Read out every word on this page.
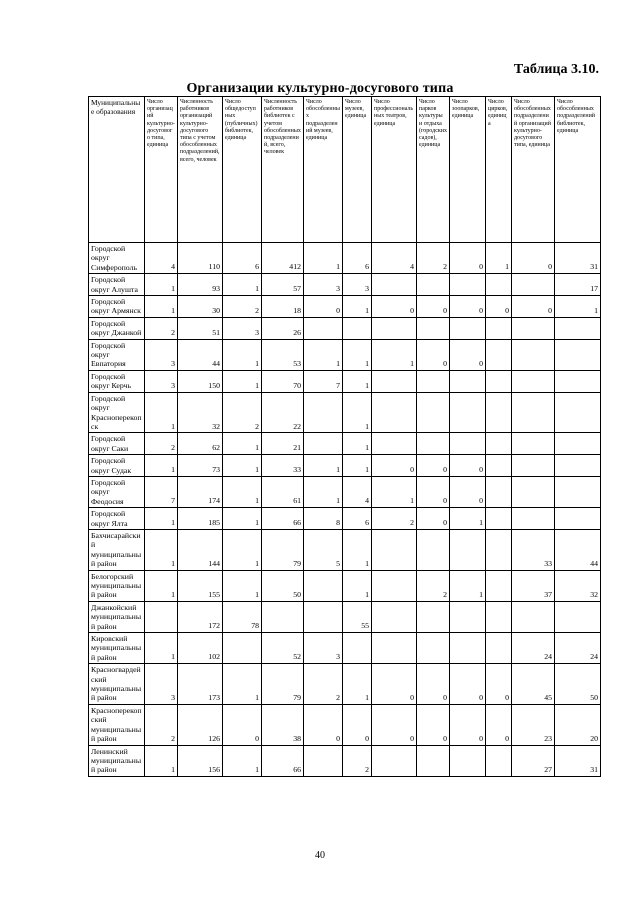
Таблица 3.10.
Организации культурно-досугового типа
Муниципальные образования	Число организаций культурно-досугового типа, единица	Численность работников организаций культурно-досугового типа с учетом обособленных подразделений, всего, человек	Число общедоступных (публичных) библиотек, единица	Численность работников библиотек с учетом обособленных подразделений, всего, человек	Число обособленных подразделений музеев, единица	Число музеев, единица	Число профессиональных театров, единица	Число парков культуры и отдыха (городских садов), единица	Число зоопарков, единица	Число цирков, единица	Число обособленных подразделений организаций культурно-досугового типа, единица	Число обособленных подразделений библиотек, единица
Городской округ Симферополь	4	110	6	412	1	6	4	2	0	1	0	31
Городской округ Алушта	1	93	1	57	3	3						17
Городской округ Армянск	1	30	2	18	0	1	0	0	0	0	0	1
Городской округ Джанкой	2	51	3	26								
Городской округ Евпатория	3	44	1	53	1	1	1	0	0			
Городской округ Керчь	3	150	1	70	7	1						
Городской округ Красноперекопск	1	32	2	22		1						
Городской округ Саки	2	62	1	21		1						
Городской округ Судак	1	73	1	33	1	1	0	0	0			
Городской округ Феодосия	7	174	1	61	1	4	1	0	0			
Городской округ Ялта	1	185	1	66	8	6	2	0	1			
Бахчисарайский муниципальный район	1	144	1	79	5	1					33	44
Белогорский муниципальный район	1	155	1	50		1		2	1		37	32
Джанкойский муниципальный район		172	78			55						
Кировский муниципальный район	1	102		52	3						24	24
Красногвардейский муниципальный район	3	173	1	79	2	1	0	0	0	0	45	50
Красноперекопский муниципальный район	2	126	0	38	0	0	0	0	0	0	23	20
Ленинский муниципальный район	1	156	1	66		2					27	31
40
